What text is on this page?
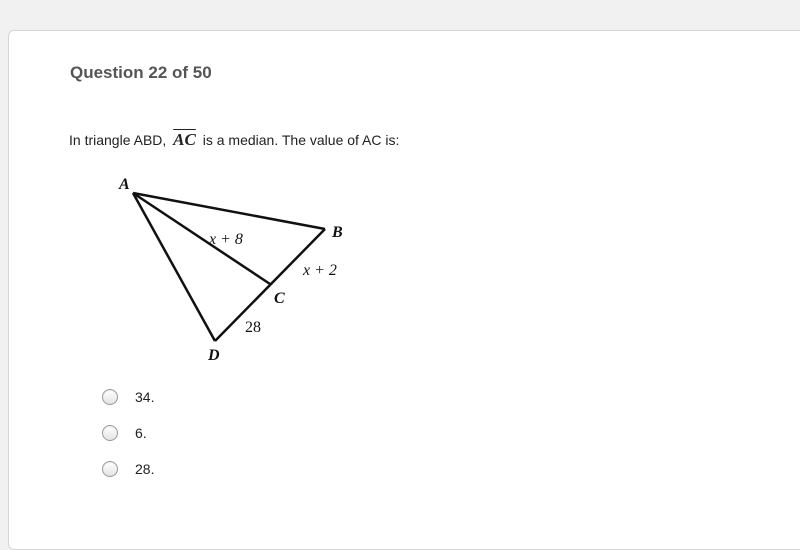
Question 22 of 50
In triangle ABD, $\overline{AC}$ is a median. The value of AC is:
A
B
C
D
x + 8
x + 2
28
34.
6.
28.
